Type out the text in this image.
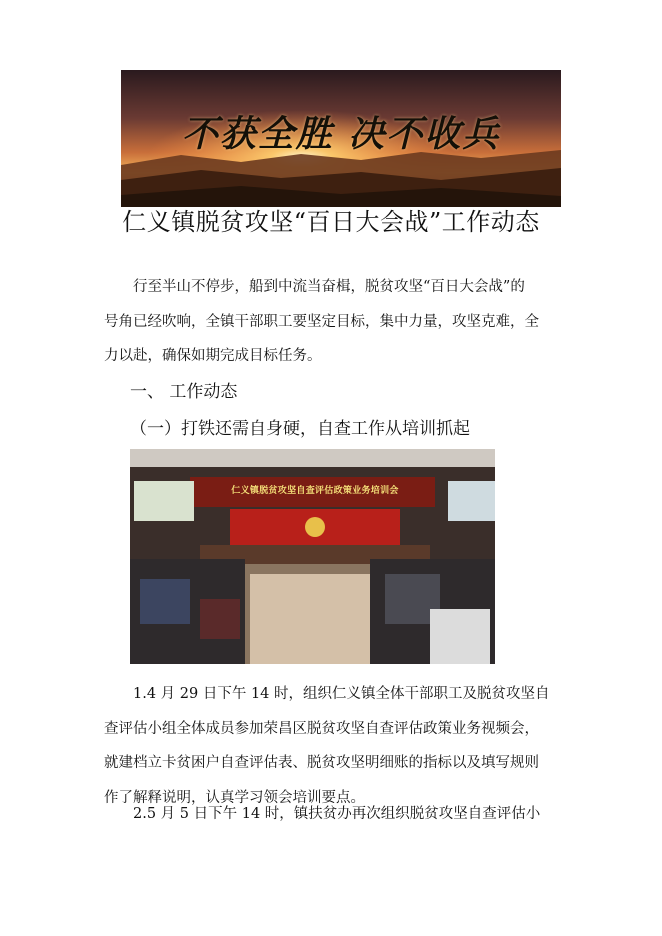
不获全胜 决不收兵
仁义镇脱贫攻坚“百日大会战”工作动态

行至半山不停步，船到中流当奋楫，脱贫攻坚“百日大会战”的

号角已经吹响，全镇干部职工要坚定目标，集中力量，攻坚克难，全

力以赴，确保如期完成目标任务。

一、 工作动态
（一）打铁还需自身硬，自查工作从培训抓起
仁义镇脱贫攻坚自查评估政策业务培训会

1.4 月 29 日下午 14 时，组织仁义镇全体干部职工及脱贫攻坚自

查评估小组全体成员参加荣昌区脱贫攻坚自查评估政策业务视频会，

就建档立卡贫困户自查评估表、脱贫攻坚明细账的指标以及填写规则

作了解释说明，认真学习领会培训要点。

2.5 月 5 日下午 14 时，镇扶贫办再次组织脱贫攻坚自查评估小
